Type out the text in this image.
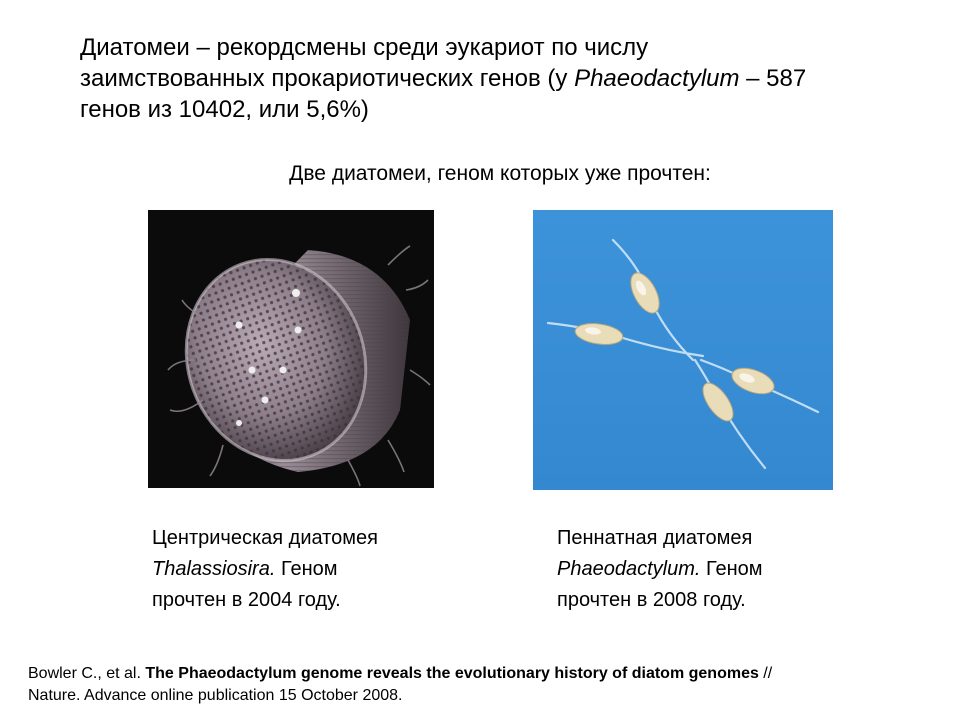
Диатомеи – рекордсмены среди эукариот по числу
заимствованных прокариотических генов (у Phaeodactylum – 587
генов из 10402, или 5,6%)
Две диатомеи, геном которых уже прочтен:
Центрическая диатомея
Thalassiosira. Геном
прочтен в 2004 году.
Пеннатная диатомея
Phaeodactylum. Геном
прочтен в 2008 году.
Bowler C., et al. The Phaeodactylum genome reveals the evolutionary history of diatom genomes //
Nature. Advance online publication 15 October 2008.
